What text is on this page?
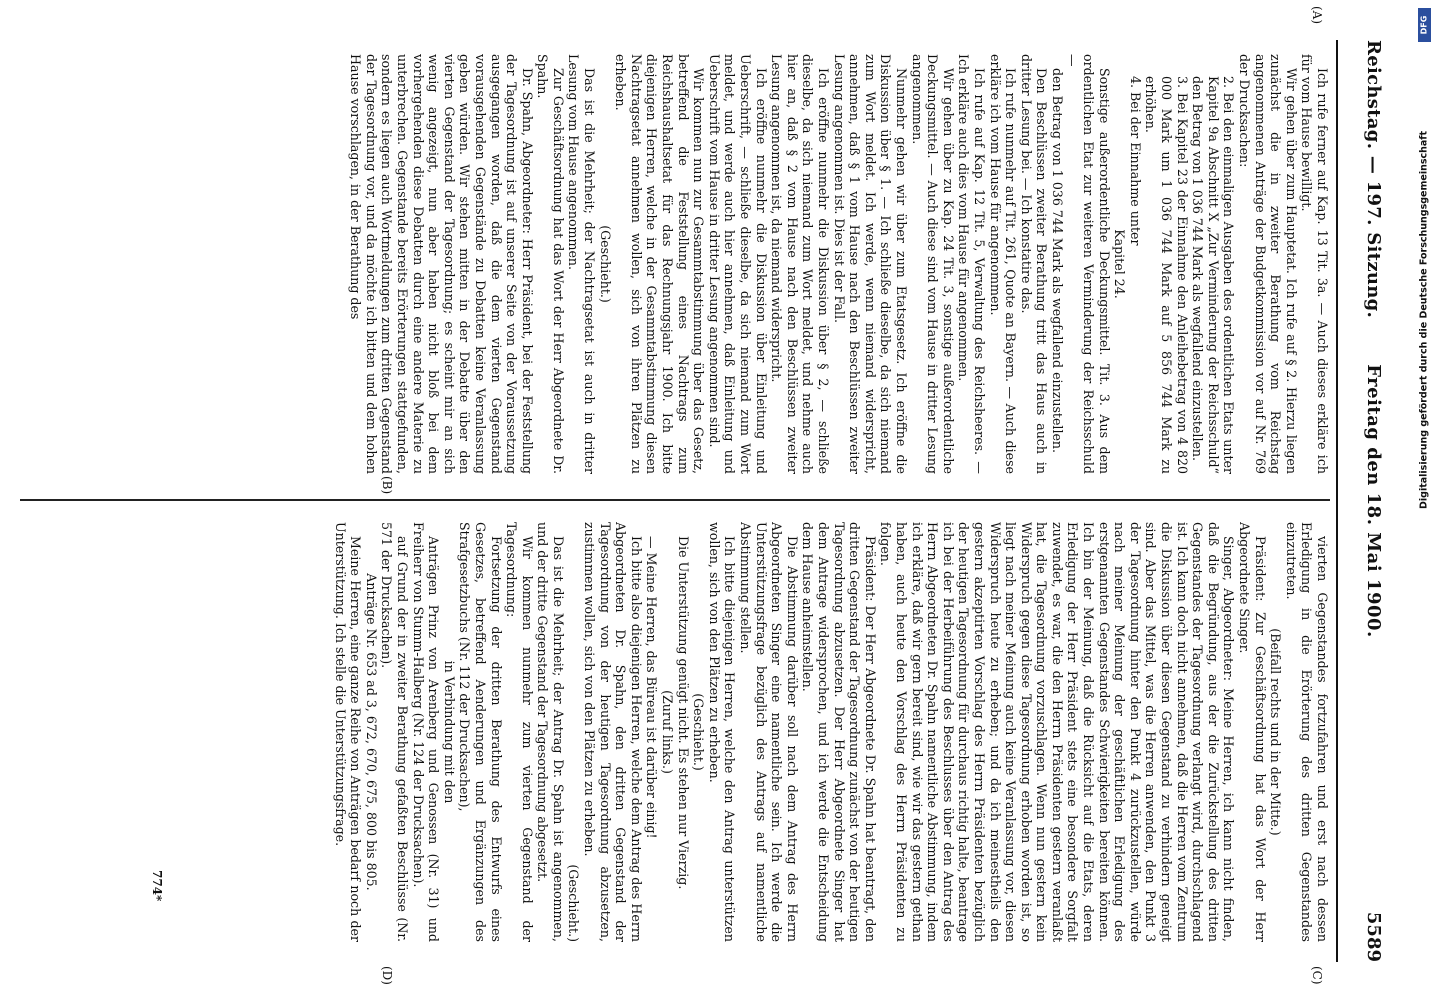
Reichstag. — 197. Sitzung.
Freitag den 18. Mai 1900.
5589
(A)
(B)
(C)
(D)

Ich rufe ferner auf Kap. 13 Tit. 3a. — Auch dieses erkläre ich für vom Hause bewilligt.

Wir gehen über zum Hauptetat. Ich rufe auf § 2. Hierzu liegen zunächst die in zweiter Berathung vom Reichstag angenommenen Anträge der Budgetkommission vor auf Nr. 769 der Drucksachen:

2. Bei den einmaligen Ausgaben des ordentlichen Etats unter Kapitel 9a Abschnitt X „Zur Verminderung der Reichsschuld“ den Betrag von 1 036 744 Mark als wegfallend einzustellen.

3. Bei Kapitel 23 der Einnahme den Anleihebetrag von 4 820 000 Mark um 1 036 744 Mark auf 5 856 744 Mark zu erhöhen.

4. Bei der Einnahme unter

Kapitel 24.

Sonstige außerordentliche Deckungsmittel. Tit. 3. Aus dem ordentlichen Etat zur weiteren Verminderung der Reichsschuld —

den Betrag von 1 036 744 Mark als wegfallend einzustellen.

Den Beschlüssen zweiter Berathung tritt das Haus auch in dritter Lesung bei. — Ich konstatire das.

Ich rufe nunmehr auf Tit. 261, Quote an Bayern. — Auch diese erkläre ich vom Hause für angenommen.

Ich rufe auf Kap. 12 Tit. 5, Verwaltung des Reichsheeres. — Ich erkläre auch dies vom Hause für angenommen.

Wir gehen über zu Kap. 24 Tit. 3, sonstige außerordentliche Deckungsmittel. — Auch diese sind vom Hause in dritter Lesung angenommen.

Nunmehr gehen wir über zum Etatsgesetz. Ich eröffne die Diskussion über § 1. — Ich schließe dieselbe, da sich niemand zum Wort meldet. Ich werde, wenn niemand widerspricht, annehmen, daß § 1 vom Hause nach den Beschlüssen zweiter Lesung angenommen ist. Dies ist der Fall.

Ich eröffne nunmehr die Diskussion über § 2, — schließe dieselbe, da sich niemand zum Wort meldet, und nehme auch hier an, daß § 2 vom Hause nach den Beschlüssen zweiter Lesung angenommen ist, da niemand widerspricht.

Ich eröffne nunmehr die Diskussion über Einleitung und Ueberschrift, — schließe dieselbe, da sich niemand zum Wort meldet, und werde auch hier annehmen, daß Einleitung und Ueberschrift vom Hause in dritter Lesung angenommen sind.

Wir kommen nun zur Gesammtabstimmung über das Gesetz, betreffend die Feststellung eines Nachtrags zum Reichshaushaltsetat für das Rechnungsjahr 1900. Ich bitte diejenigen Herren, welche in der Gesammtabstimmung diesen Nachtragsetat annehmen wollen, sich von ihren Plätzen zu erheben.

(Geschieht.)

Das ist die Mehrheit; der Nachtragsetat ist auch in dritter Lesung vom Hause angenommen.

Zur Geschäftsordnung hat das Wort der Herr Abgeordnete Dr. Spahn.

Dr. Spahn, Abgeordneter: Herr Präsident, bei der Feststellung der Tagesordnung ist auf unserer Seite von der Voraussetzung ausgegangen worden, daß die dem vierten Gegenstand vorausgehenden Gegenstände zu Debatten keine Veranlassung geben würden. Wir stehen mitten in der Debatte über den vierten Gegenstand der Tagesordnung; es scheint mir an sich wenig angezeigt, nun aber haben nicht bloß bei dem vorhergehenden diese Debatten durch eine andere Materie zu unterbrechen. Gegenstande bereits Erörterungen stattgefunden, sondern es liegen auch Wortmeldungen zum dritten Gegenstand der Tagesordnung vor, und da möchte ich bitten und dem hohen Hause vorschlagen, in der Berathung des

vierten Gegenstandes fortzufahren und erst nach dessen Erledigung in die Erörterung des dritten Gegenstandes einzutreten.

(Beifall rechts und in der Mitte.)

Präsident: Zur Geschäftsordnung hat das Wort der Herr Abgeordnete Singer.

Singer, Abgeordneter: Meine Herren, ich kann nicht finden, daß die Begründung, aus der die Zurückstellung des dritten Gegenstandes der Tagesordnung verlangt wird, durchschlagend ist. Ich kann doch nicht annehmen, daß die Herren vom Zentrum die Diskussion über diesen Gegenstand zu verhindern geneigt sind. Aber das Mittel, was die Herren anwenden, den Punkt 3 der Tagesordnung hinter den Punkt 4 zurückzustellen, würde nach meiner Meinung der geschäftlichen Erledigung des erstgenannten Gegenstandes Schwierigkeiten bereiten können. Ich bin der Meinung, daß die Rücksicht auf die Etats, deren Erledigung der Herr Präsident stets eine besondere Sorgfalt zuwendet, es war, die den Herrn Präsidenten gestern veranlaßt hat, die Tagesordnung vorzuschlagen. Wenn nun gestern kein Widerspruch gegen diese Tagesordnung erhoben worden ist, so liegt nach meiner Meinung auch keine Veranlassung vor, diesen Widerspruch heute zu erheben; und da ich meinestheils den gestern akzeptirten Vorschlag des Herrn Präsidenten bezüglich der heutigen Tagesordnung für durchaus richtig halte, beantrage ich bei der Herbeiführung des Beschlusses über den Antrag des Herrn Abgeordneten Dr. Spahn namentliche Abstimmung, indem ich erkläre, daß wir gern bereit sind, wie wir das gestern gethan haben, auch heute den Vorschlag des Herrn Präsidenten zu folgen.

Präsident: Der Herr Abgeordnete Dr. Spahn hat beantragt, den dritten Gegenstand der Tagesordnung zunächst von der heutigen Tagesordnung abzusetzen. Der Herr Abgeordnete Singer hat dem Antrage widersprochen, und ich werde die Entscheidung dem Hause anheimstellen.

Die Abstimmung darüber soll nach dem Antrag des Herrn Abgeordneten Singer eine namentliche sein. Ich werde die Unterstützungsfrage bezüglich des Antrags auf namentliche Abstimmung stellen.

Ich bitte diejenigen Herren, welche den Antrag unterstützen wollen, sich von den Plätzen zu erheben.

(Geschieht.)

Die Unterstützung genügt nicht. Es stehen nur Vierzig.

(Zuruf links.)

— Meine Herren, das Büreau ist darüber einig!

Ich bitte also diejenigen Herren, welche dem Antrag des Herrn Abgeordneten Dr. Spahn, den dritten Gegenstand der Tagesordnung von der heutigen Tagesordnung abzusetzen, zustimmen wollen, sich von den Plätzen zu erheben.

(Geschieht.)

Das ist die Mehrheit; der Antrag Dr. Spahn ist angenommen, und der dritte Gegenstand der Tagesordnung abgesetzt.

Wir kommen nunmehr zum vierten Gegenstand der Tagesordnung:

Fortsetzung der dritten Berathung des Entwurfs eines Gesetzes, betreffend Aenderungen und Ergänzungen des Strafgesetzbuchs (Nr. 112 der Drucksachen),

in Verbindung mit den

Anträgen Prinz von Arenberg und Genossen (Nr. 31) und Freiherr von Stumm-Halberg (Nr. 124 der Drucksachen).

auf Grund der in zweiter Berathung gefaßten Beschlüsse (Nr. 571 der Drucksachen).

Anträge Nr. 653 ad 3, 672, 670, 675, 800 bis 805.

Meine Herren, eine ganze Reihe von Anträgen bedarf noch der Unterstützung. Ich stelle die Unterstützungsfrage.

774*
Digitalisierung gefördert durch die Deutsche Forschungsgemeinschaft
DFG
